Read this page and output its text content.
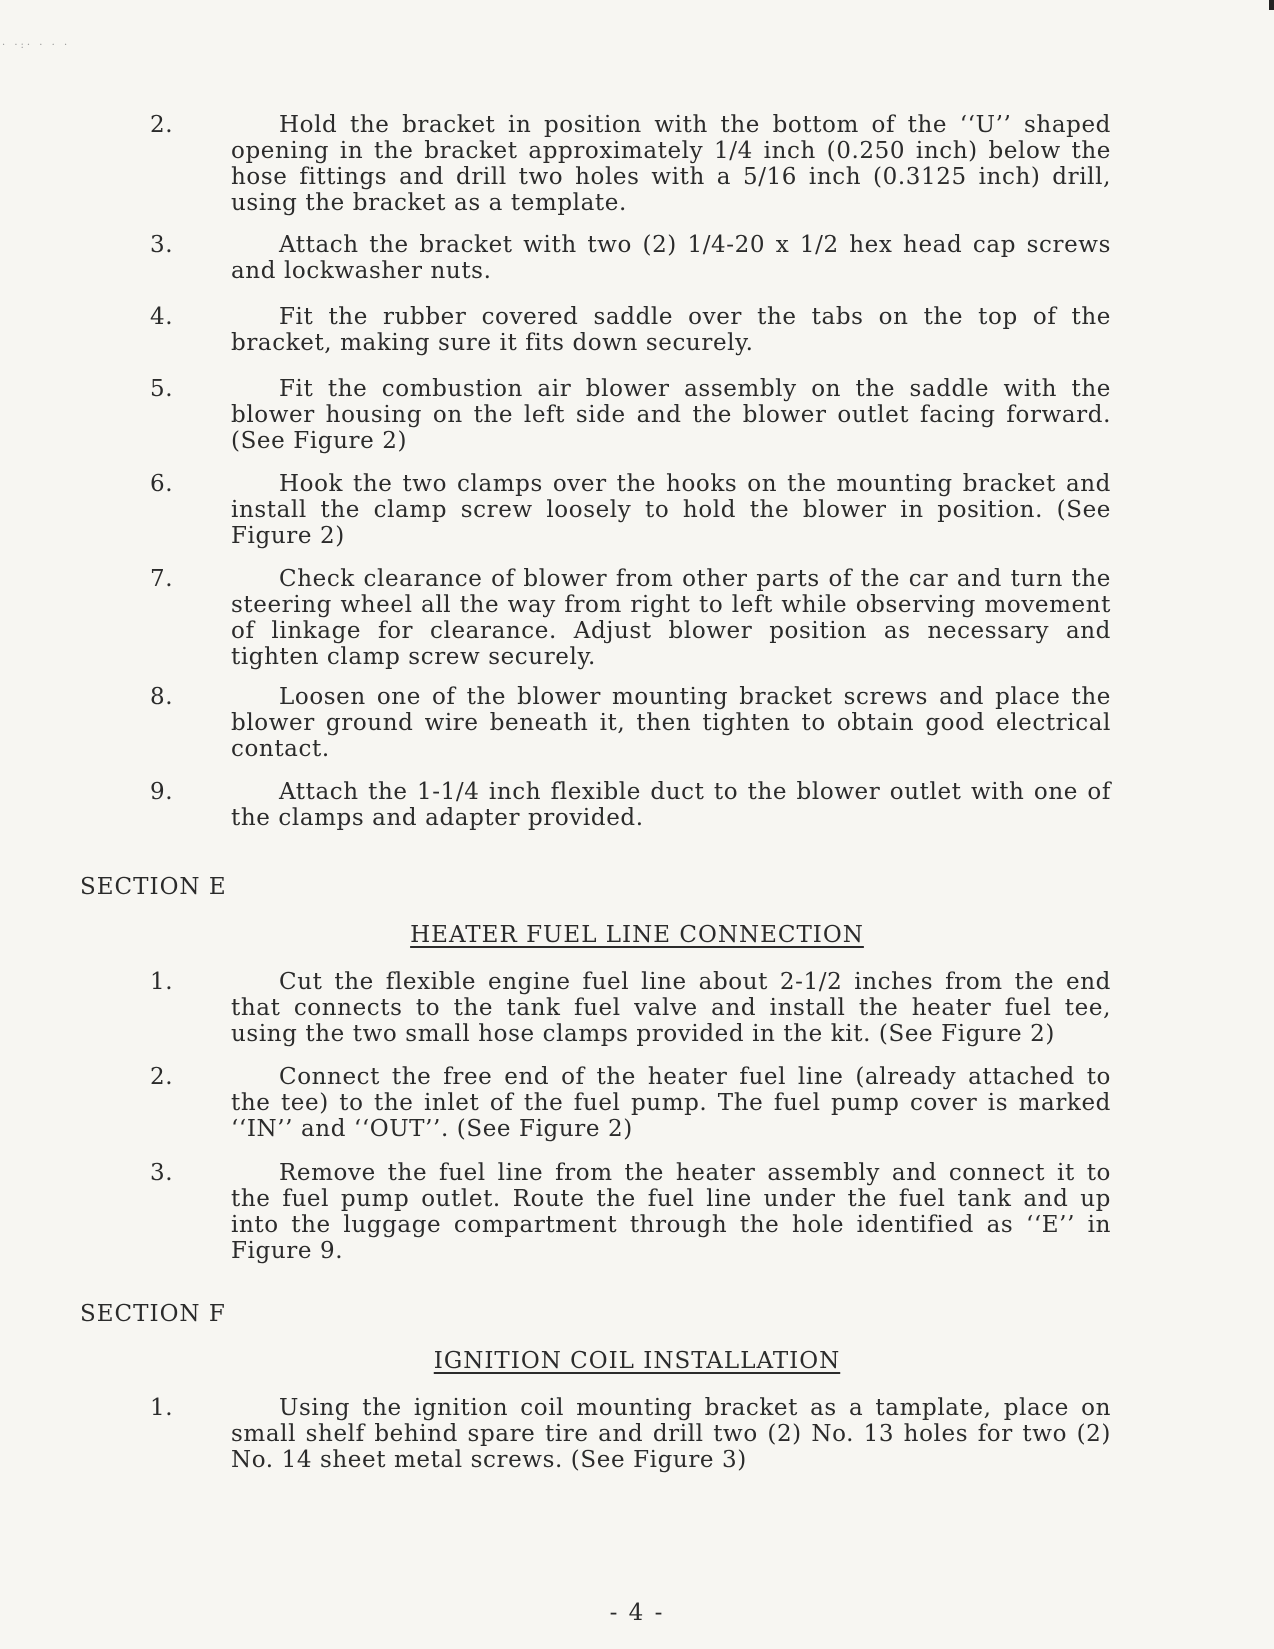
· ·:· · · ·
2.	Hold the bracket in position with the bottom of the ‘‘U’’ shaped opening in the bracket approximately 1/4 inch (0.250 inch) below the hose fittings and drill two holes with a 5/16 inch (0.3125 inch) drill, using the bracket as a template.
3.	Attach the bracket with two (2) 1/4-20 x 1/2 hex head cap screws and lockwasher nuts.
4.	Fit the rubber covered saddle over the tabs on the top of the bracket, making sure it fits down securely.
5.	Fit the combustion air blower assembly on the saddle with the blower housing on the left side and the blower outlet facing forward. (See Figure 2)
6.	Hook the two clamps over the hooks on the mounting bracket and install the clamp screw loosely to hold the blower in position. (See Figure 2)
7.	Check clearance of blower from other parts of the car and turn the steering wheel all the way from right to left while observing movement of linkage for clearance. Adjust blower position as necessary and tighten clamp screw securely.
8.	Loosen one of the blower mounting bracket screws and place the blower ground wire beneath it, then tighten to obtain good electrical contact.
9.	Attach the 1-1/4 inch flexible duct to the blower outlet with one of the clamps and adapter provided.
SECTION E
HEATER FUEL LINE CONNECTION
1.	Cut the flexible engine fuel line about 2-1/2 inches from the end that connects to the tank fuel valve and install the heater fuel tee, using the two small hose clamps provided in the kit. (See Figure 2)
2.	Connect the free end of the heater fuel line (already attached to the tee) to the inlet of the fuel pump. The fuel pump cover is marked ‘‘IN’’ and ‘‘OUT’’. (See Figure 2)
3.	Remove the fuel line from the heater assembly and connect it to the fuel pump outlet. Route the fuel line under the fuel tank and up into the luggage compartment through the hole identified as ‘‘E’’ in Figure 9.
SECTION F
IGNITION COIL INSTALLATION
1.	Using the ignition coil mounting bracket as a tamplate, place on small shelf behind spare tire and drill two (2) No. 13 holes for two (2) No. 14 sheet metal screws. (See Figure 3)
- 4 -
